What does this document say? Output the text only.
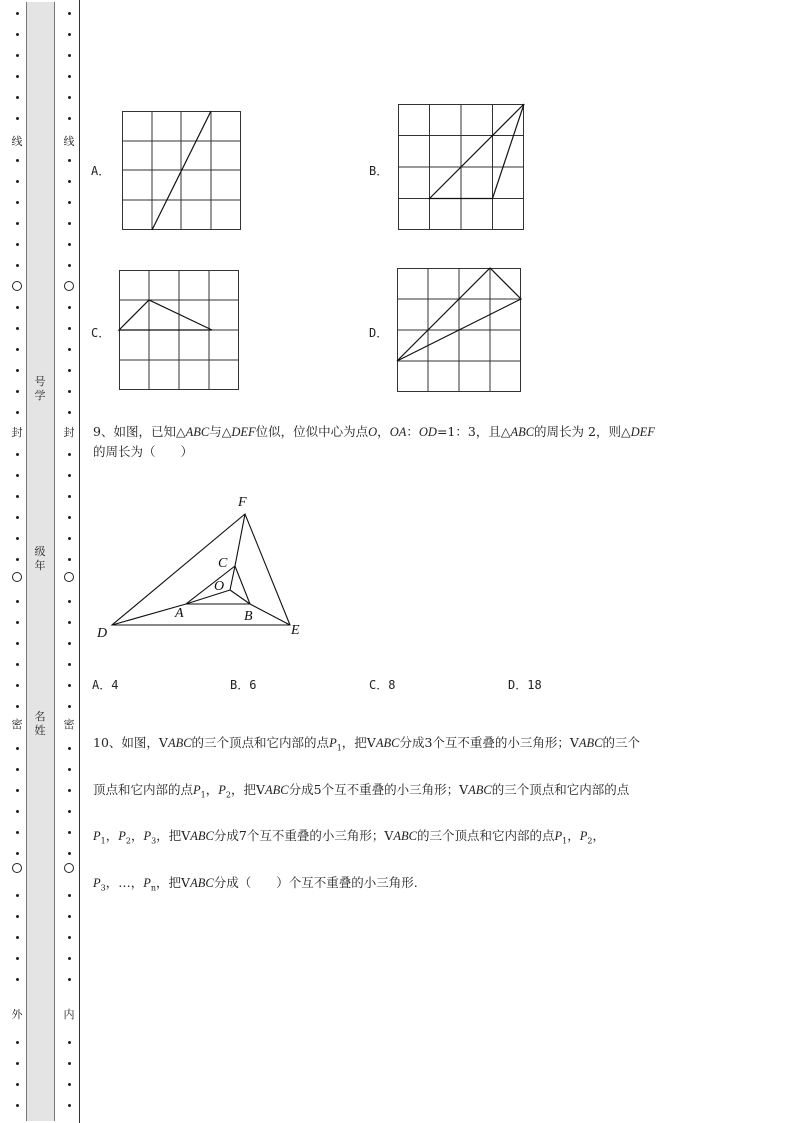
线
封
密
外
线
封
密
内
号学
级年
名姓
A．	B．
C．	D．
9、如图，已知△ABC与△DEF位似，位似中心为点O，OA：OD=1：3，且△ABC的周长为 2，则△DEF
的周长为（　　）
F
C
O
A	B
D	E
A．4	B．6	C．8	D．18
10、如图，VABC的三个顶点和它内部的点$P_1$，把VABC分成3个互不重叠的小三角形；VABC的三个
顶点和它内部的点$P_1$，$P_2$，把VABC分成5个互不重叠的小三角形；VABC的三个顶点和它内部的点
$P_1$，$P_2$，$P_3$，把VABC分成7个互不重叠的小三角形；VABC的三个顶点和它内部的点$P_1$，$P_2$，
$P_3$，…，$P_n$，把VABC分成（　　）个互不重叠的小三角形.
